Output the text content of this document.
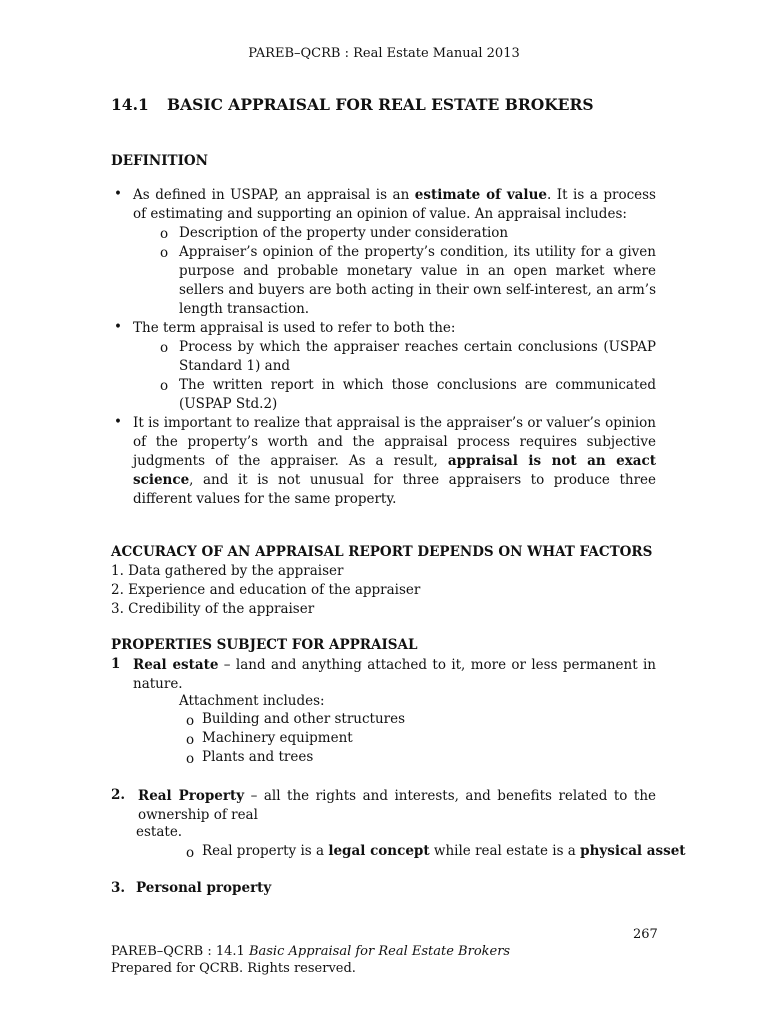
PAREB–QCRB : Real Estate Manual 2013
14.1 BASIC APPRAISAL FOR REAL ESTATE BROKERS
DEFINITION
• As defined in USPAP, an appraisal is an estimate of value. It is a process of estimating and supporting an opinion of value. An appraisal includes:
o Description of the property under consideration
o Appraiser’s opinion of the property’s condition, its utility for a given purpose and probable monetary value in an open market where sellers and buyers are both acting in their own self-interest, an arm’s length transaction.
• The term appraisal is used to refer to both the:
o Process by which the appraiser reaches certain conclusions (USPAP Standard 1) and
o The written report in which those conclusions are communicated (USPAP Std.2)
• It is important to realize that appraisal is the appraiser’s or valuer’s opinion of the property’s worth and the appraisal process requires subjective judgments of the appraiser. As a result, appraisal is not an exact science, and it is not unusual for three appraisers to produce three different values for the same property.
ACCURACY OF AN APPRAISAL REPORT DEPENDS ON WHAT FACTORS
1. Data gathered by the appraiser
2. Experience and education of the appraiser
3. Credibility of the appraiser
PROPERTIES SUBJECT FOR APPRAISAL
1 Real estate – land and anything attached to it, more or less permanent in nature.
Attachment includes:
o Building and other structures
o Machinery equipment
o Plants and trees
2. Real Property – all the rights and interests, and benefits related to the ownership of real
estate.
o Real property is a legal concept while real estate is a physical asset
3. Personal property
267
PAREB–QCRB : 14.1 Basic Appraisal for Real Estate Brokers
Prepared for QCRB. Rights reserved.
